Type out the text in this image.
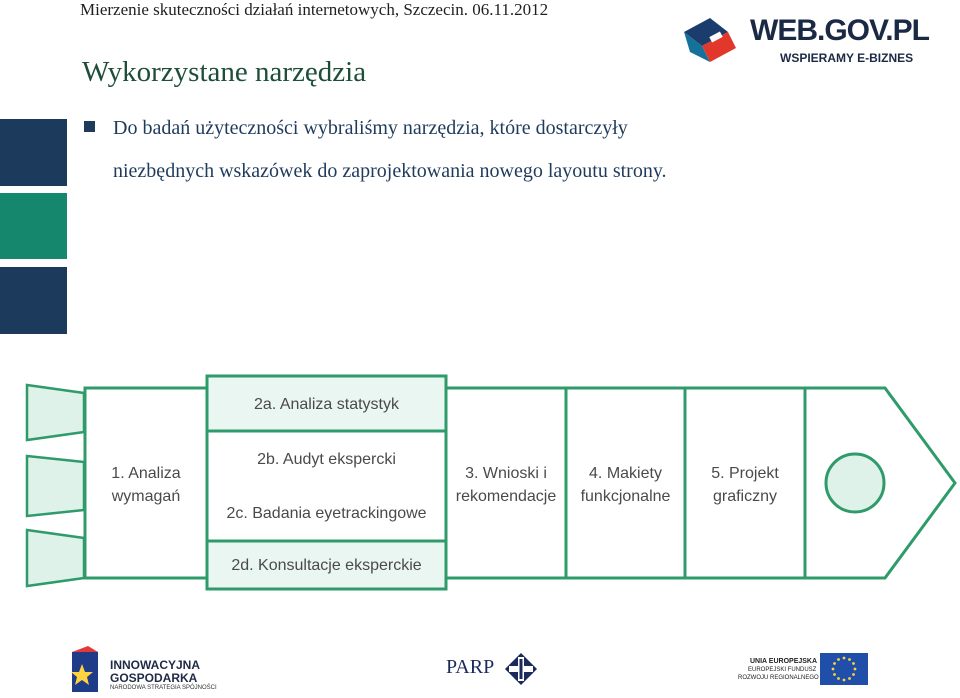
Mierzenie skuteczności działań internetowych, Szczecin. 06.11.2012
WEB.GOV.PL
WSPIERAMY E-BIZNES
Wykorzystane narzędzia
Do badań użyteczności wybraliśmy narzędzia, które dostarczyły
niezbędnych wskazówek do zaprojektowania nowego layoutu strony.
1. Analiza
wymagań
2a. Analiza statystyk
2b. Audyt ekspercki
2c. Badania eyetrackingowe
2d. Konsultacje eksperckie
3. Wnioski i
rekomendacje
4. Makiety
funkcjonalne
5. Projekt
graficzny
INNOWACYJNA
GOSPODARKA
NARODOWA STRATEGIA SPÓJNOŚCI
PARP	UNIA EUROPEJSKA
EUROPEJSKI FUNDUSZ
ROZWOJU REGIONALNEGO
